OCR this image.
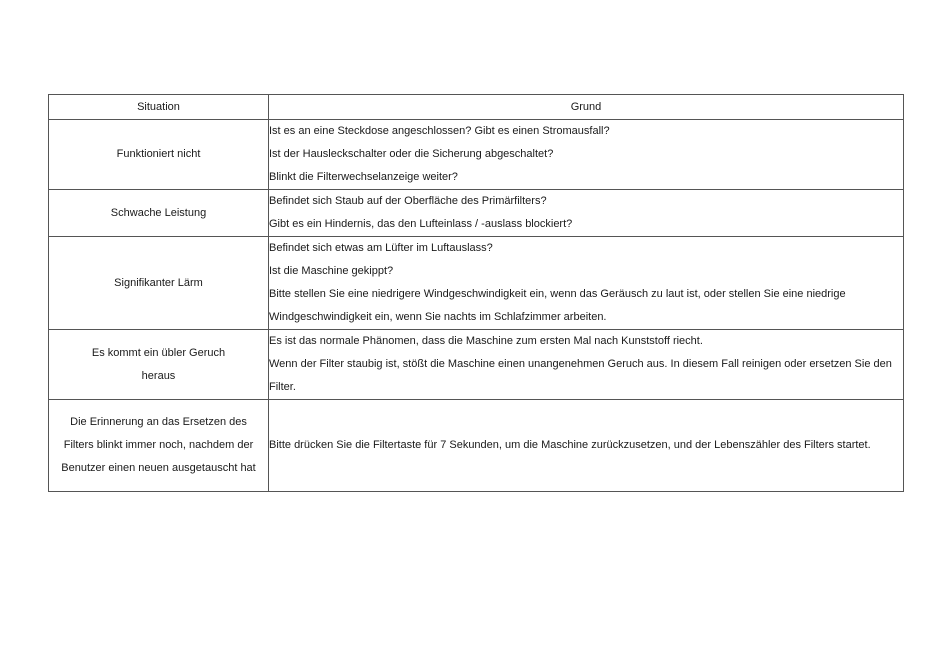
Situation	Grund
Funktioniert nicht	Ist es an eine Steckdose angeschlossen? Gibt es einen Stromausfall?
Ist der Hausleckschalter oder die Sicherung abgeschaltet?
Blinkt die Filterwechselanzeige weiter?

Schwache Leistung	Befindet sich Staub auf der Oberfläche des Primärfilters?
Gibt es ein Hindernis, das den Lufteinlass / -auslass blockiert?

Signifikanter Lärm	Befindet sich etwas am Lüfter im Luftauslass?
Ist die Maschine gekippt?
Bitte stellen Sie eine niedrigere Windgeschwindigkeit ein, wenn das Geräusch zu laut ist, oder stellen Sie eine niedrige Windgeschwindigkeit ein, wenn Sie nachts im Schlafzimmer arbeiten.

Es kommt ein übler Geruch heraus	Es ist das normale Phänomen, dass die Maschine zum ersten Mal nach Kunststoff riecht.
Wenn der Filter staubig ist, stößt die Maschine einen unangenehmen Geruch aus. In diesem Fall reinigen oder ersetzen Sie den Filter.

Die Erinnerung an das Ersetzen des Filters blinkt immer noch, nachdem der Benutzer einen neuen ausgetauscht hat	Bitte drücken Sie die Filtertaste für 7 Sekunden, um die Maschine zurückzusetzen, und der Lebenszähler des Filters startet.
